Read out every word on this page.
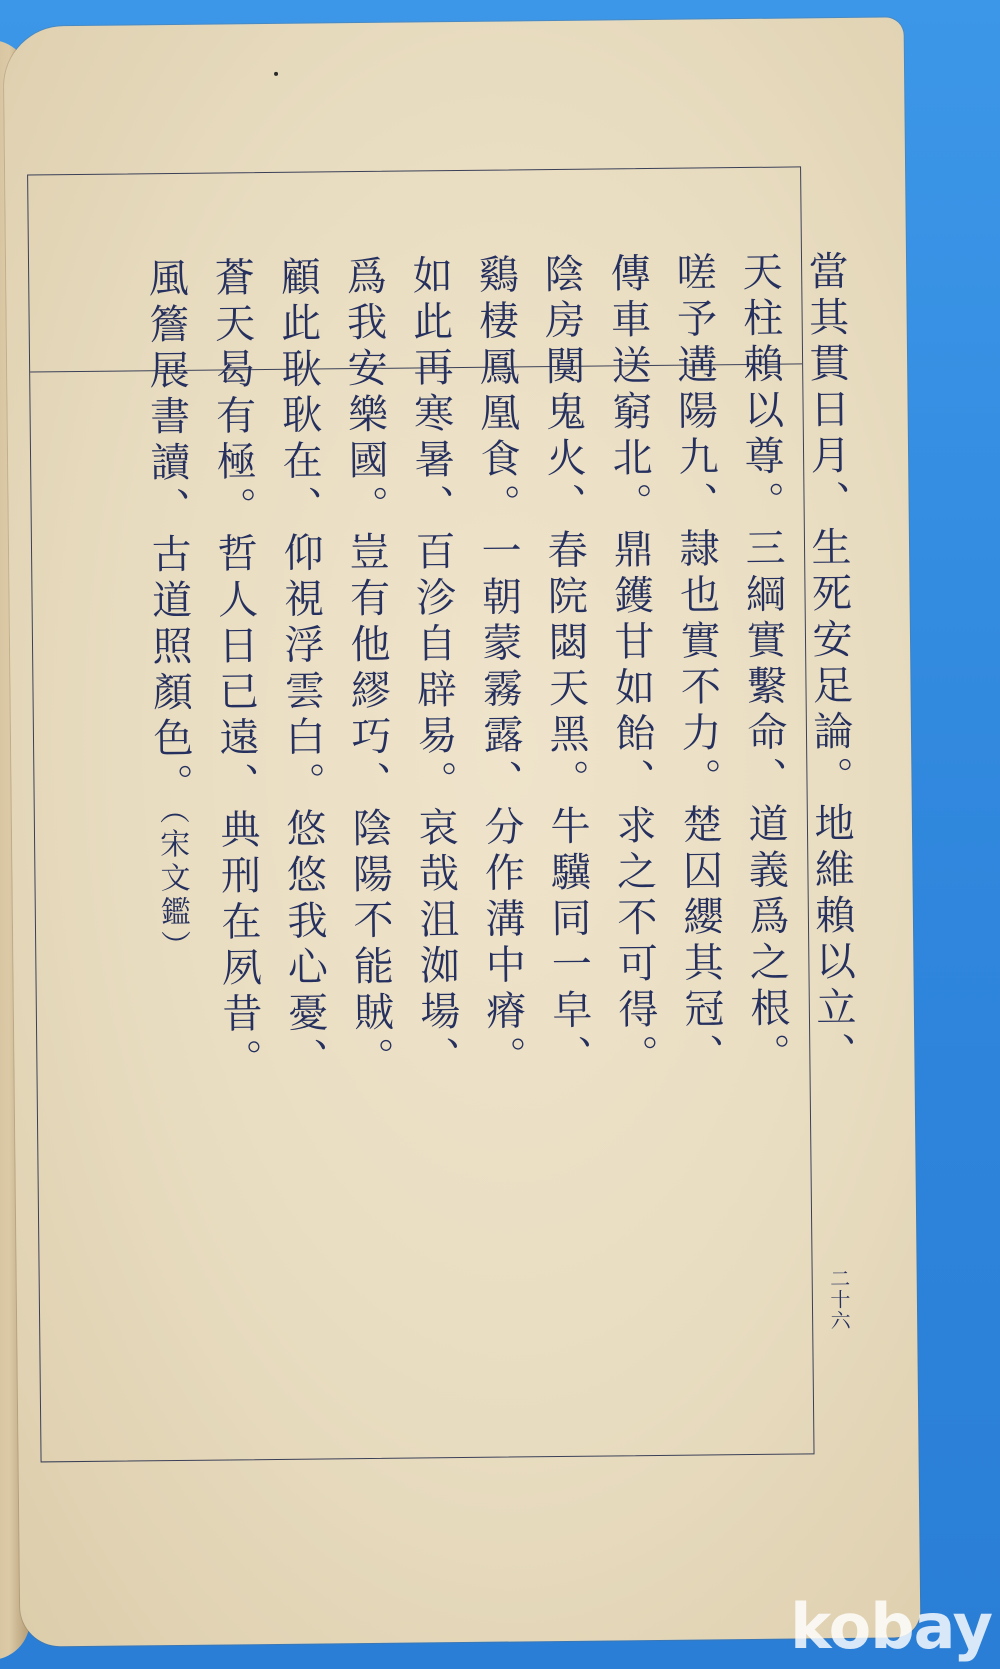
當其貫日月、生死安足論。地維賴以立、
天柱賴以尊。三綱實繫命、道義爲之根。
嗟予遘陽九、隷也實不力。楚囚纓其冠、
傳車送窮北。鼎鑊甘如飴、求之不可得。
陰房闃鬼火、春院閟天黑。牛驥同一皁、
鷄棲鳳凰食。一朝蒙霧露、分作溝中瘠。
如此再寒暑、百沴自辟易。哀哉沮洳場、
爲我安樂國。豈有他繆巧、陰陽不能賊。
顧此耿耿在、仰視浮雲白。悠悠我心憂、
蒼天曷有極。哲人日已遠、典刑在夙昔。
風簷展書讀、古道照顏色。（宋文鑑）
二十六
kobay
